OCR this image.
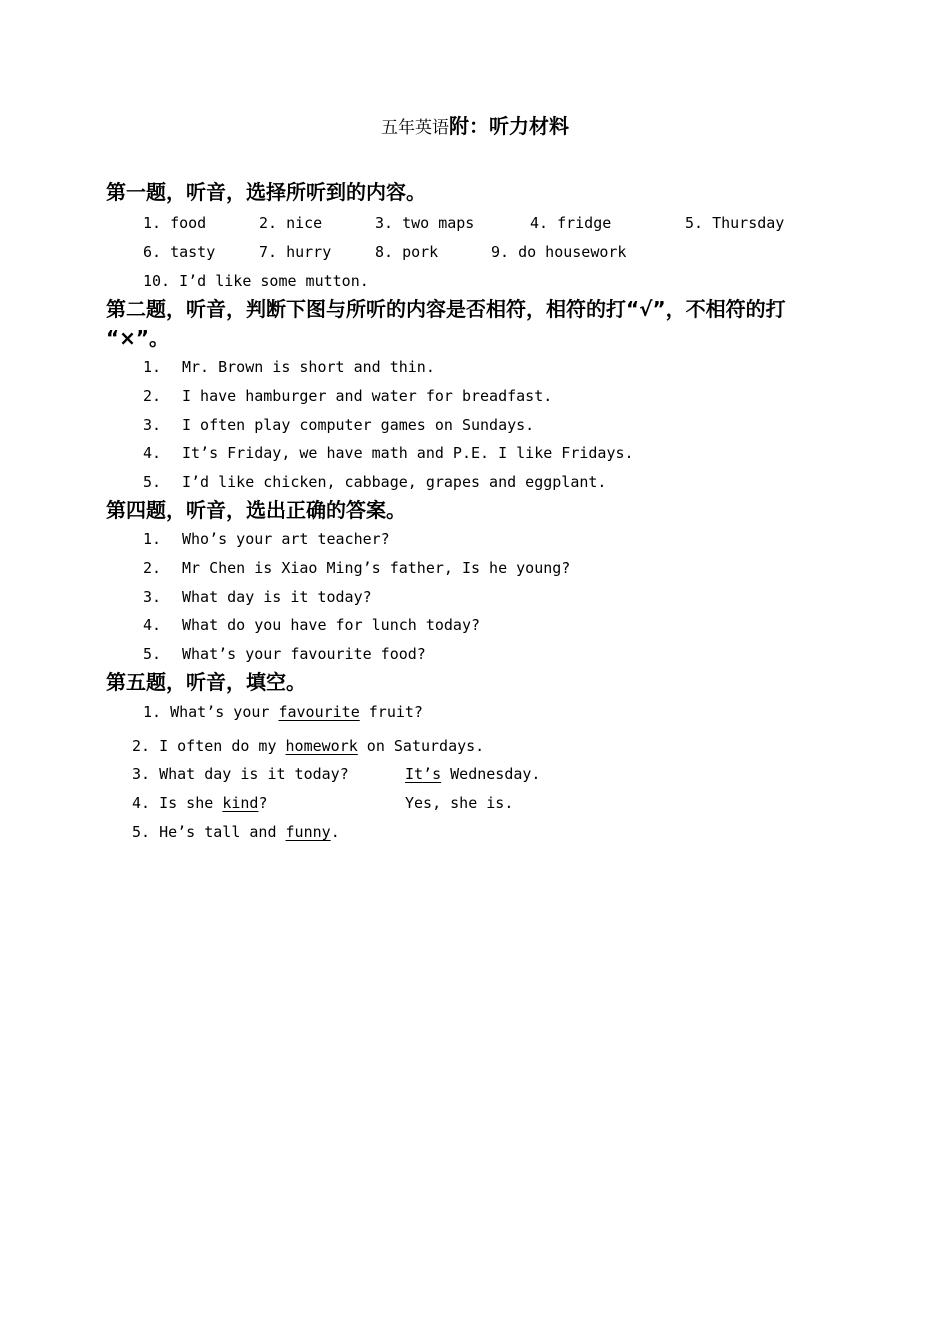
五年英语附：听力材料
第一题，听音，选择所听到的内容。
1. food	2. nice	3. two maps	4. fridge	5. Thursday
6. tasty	7. hurry	8. pork	9. do housework
10. I’d like some mutton.
第二题，听音，判断下图与所听的内容是否相符，相符的打“√”，不相符的打
“×”。
1. Mr. Brown is short and thin.
2. I have hamburger and water for breadfast.
3. I often play computer games on Sundays.
4. It’s Friday, we have math and P.E. I like Fridays.
5. I’d like chicken, cabbage, grapes and eggplant.
第四题，听音，选出正确的答案。
1. Who’s your art teacher?
2. Mr Chen is Xiao Ming’s father, Is he young?
3. What day is it today?
4. What do you have for lunch today?
5. What’s your favourite food?
第五题，听音，填空。
1. What’s your favourite fruit?
2. I often do my homework on Saturdays.
3. What day is it today?	It’s Wednesday.
4. Is she kind?	Yes, she is.
5. He’s tall and funny.
